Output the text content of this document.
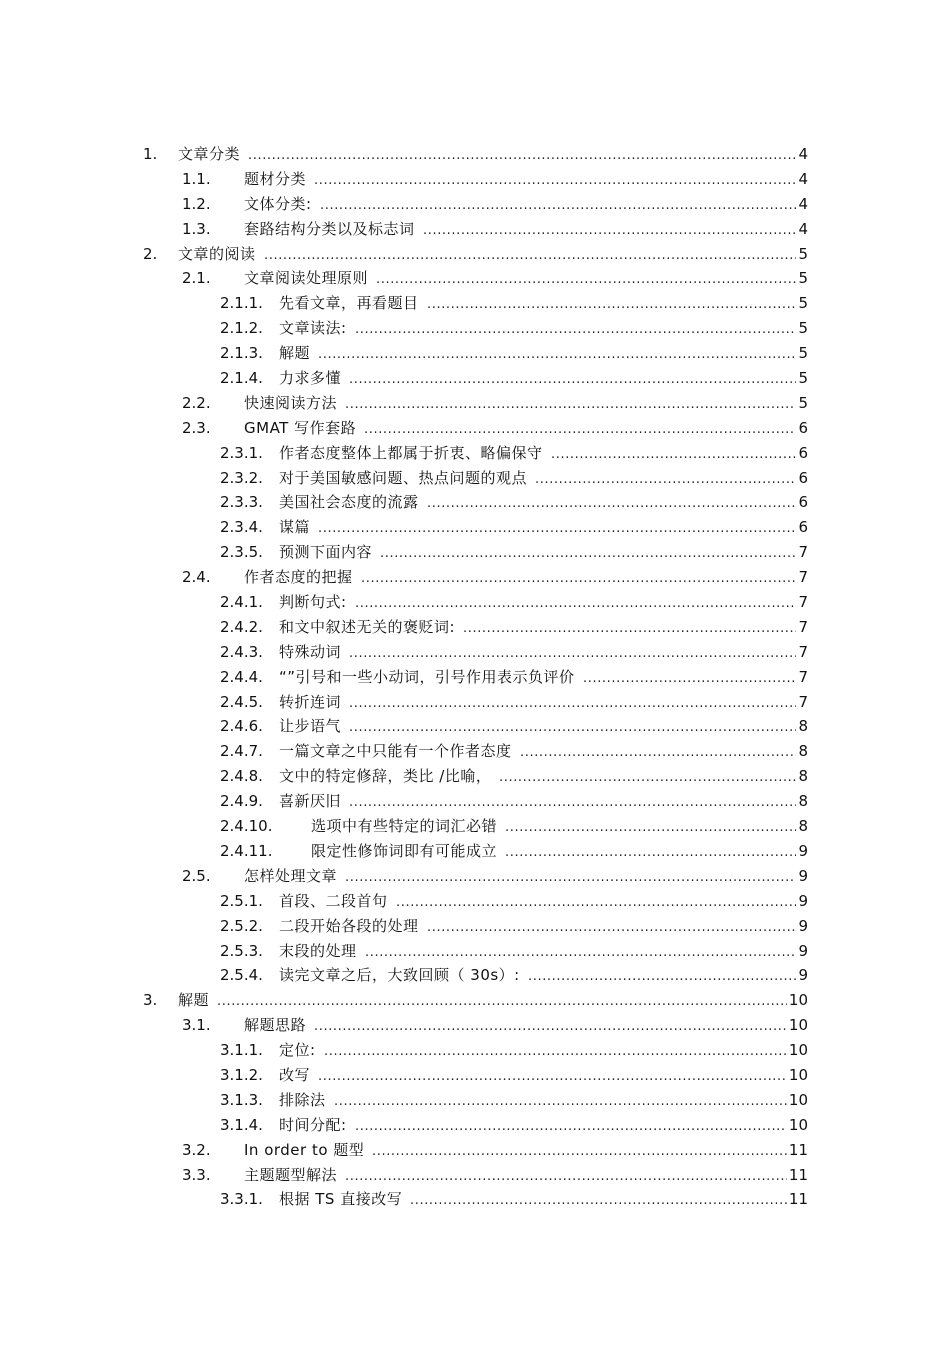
1. 文章分类 .....	4
1.1. 题材分类 .....	4
1.2. 文体分类: .....	4
1.3. 套路结构分类以及标志词 .....	4
2. 文章的阅读 .....	5
2.1. 文章阅读处理原则 .....	5
2.1.1. 先看文章，再看题目 .....	5
2.1.2. 文章读法: .....	5
2.1.3. 解题 .....	5
2.1.4. 力求多懂 .....	5
2.2. 快速阅读方法 .....	5
2.3. GMAT 写作套路 .....	6
2.3.1. 作者态度整体上都属于折衷、略偏保守 .....	6
2.3.2. 对于美国敏感问题、热点问题的观点 .....	6
2.3.3. 美国社会态度的流露 .....	6
2.3.4. 谋篇 .....	6
2.3.5. 预测下面内容 .....	7
2.4. 作者态度的把握 .....	7
2.4.1. 判断句式: .....	7
2.4.2. 和文中叙述无关的褒贬词: .....	7
2.4.3. 特殊动词 .....	7
2.4.4. “”引号和一些小动词，引号作用表示负评价 .....	7
2.4.5. 转折连词 .....	7
2.4.6. 让步语气 .....	8
2.4.7. 一篇文章之中只能有一个作者态度 .....	8
2.4.8. 文中的特定修辞，类比 /比喻， .....	8
2.4.9. 喜新厌旧 .....	8
2.4.10.	选项中有些特定的词汇必错 .....	8
2.4.11.	限定性修饰词即有可能成立 .....	9
2.5. 怎样处理文章 .....	9
2.5.1. 首段、二段首句 .....	9
2.5.2. 二段开始各段的处理 .....	9
2.5.3. 末段的处理 .....	9
2.5.4. 读完文章之后，大致回顾（ 30s）: .....	9
3. 解题 .....	10
3.1. 解题思路 .....	10
3.1.1. 定位: .....	10
3.1.2. 改写 .....	10
3.1.3. 排除法 .....	10
3.1.4. 时间分配: .....	10
3.2. In order to 题型 .....	11
3.3. 主题题型解法 .....	11
3.3.1. 根据 TS 直接改写 .....	11
